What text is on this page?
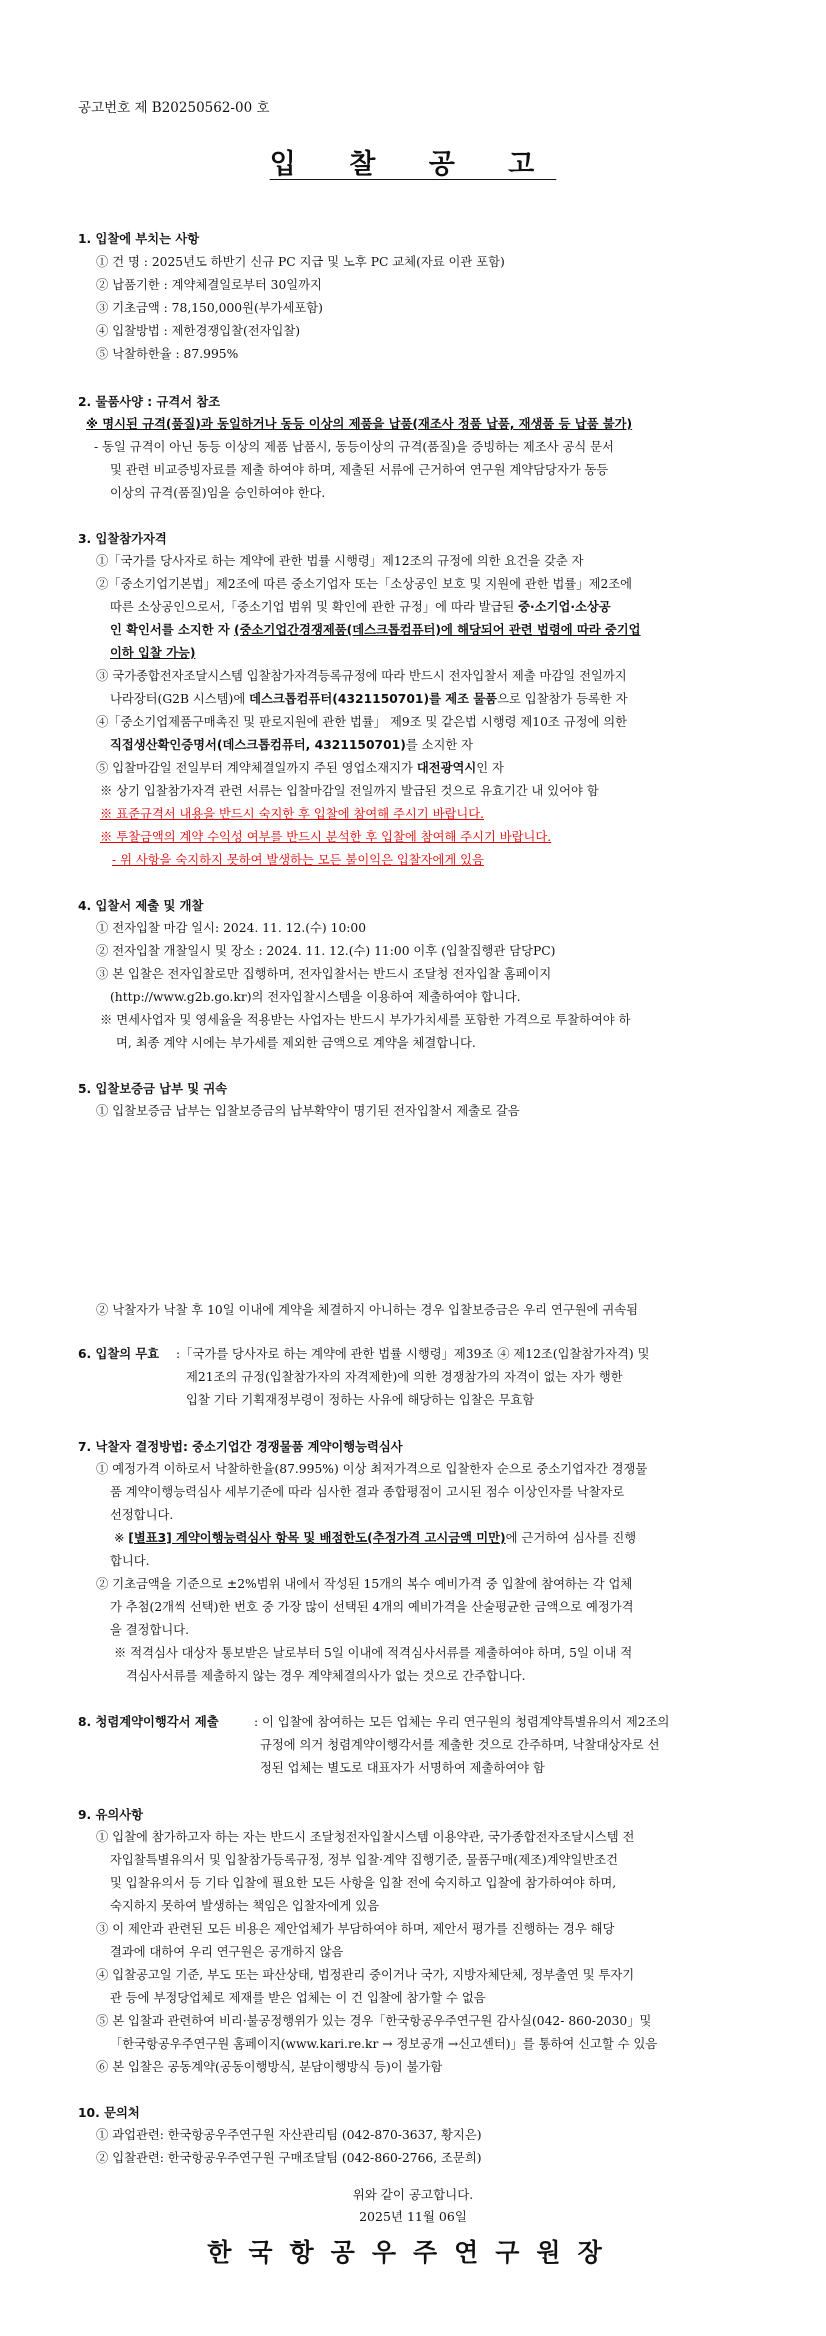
공고번호 제 B20250562-00 호
입 찰 공 고
1. 입찰에 부치는 사항
① 건 명 : 2025년도 하반기 신규 PC 지급 및 노후 PC 교체(자료 이관 포함)
② 납품기한 : 계약체결일로부터 30일까지
③ 기초금액 : 78,150,000원(부가세포함)
④ 입찰방법 : 제한경쟁입찰(전자입찰)
⑤ 낙찰하한율 : 87.995%
2. 물품사양 : 규격서 참조
※ 명시된 규격(품질)과 동일하거나 동등 이상의 제품을 납품(재조사 정품 납품, 재생품 등 납품 불가)
- 동일 규격이 아닌 동등 이상의 제품 납품시, 동등이상의 규격(품질)을 증빙하는 제조사 공식 문서
및 관련 비교증빙자료를 제출 하여야 하며, 제출된 서류에 근거하여 연구원 계약담당자가 동등
이상의 규격(품질)임을 승인하여야 한다.
3. 입찰참가자격
①「국가를 당사자로 하는 계약에 관한 법률 시행령」제12조의 규정에 의한 요건을 갖춘 자
②「중소기업기본법」제2조에 따른 중소기업자 또는「소상공인 보호 및 지원에 관한 법률」제2조에
따른 소상공인으로서,「중소기업 범위 및 확인에 관한 규정」에 따라 발급된 중·소기업·소상공
인 확인서를 소지한 자 (중소기업간경쟁제품(데스크톱컴퓨터)에 해당되어 관련 법령에 따라 중기업
이하 입찰 가능)
③ 국가종합전자조달시스템 입찰참가자격등록규정에 따라 반드시 전자입찰서 제출 마감일 전일까지
나라장터(G2B 시스템)에 데스크톱컴퓨터(4321150701)를 제조 물품으로 입찰참가 등록한 자
④「중소기업제품구매촉진 및 판로지원에 관한 법률」 제9조 및 같은법 시행령 제10조 규정에 의한
직접생산확인증명서(데스크톱컴퓨터, 4321150701)를 소지한 자
⑤ 입찰마감일 전일부터 계약체결일까지 주된 영업소재지가 대전광역시인 자
※ 상기 입찰참가자격 관련 서류는 입찰마감일 전일까지 발급된 것으로 유효기간 내 있어야 함
※ 표준규격서 내용을 반드시 숙지한 후 입찰에 참여해 주시기 바랍니다.
※ 투찰금액의 계약 수익성 여부를 반드시 분석한 후 입찰에 참여해 주시기 바랍니다.
- 위 사항을 숙지하지 못하여 발생하는 모든 불이익은 입찰자에게 있음
4. 입찰서 제출 및 개찰
① 전자입찰 마감 일시: 2024. 11. 12.(수) 10:00
② 전자입찰 개찰일시 및 장소 : 2024. 11. 12.(수) 11:00 이후 (입찰집행관 담당PC)
③ 본 입찰은 전자입찰로만 집행하며, 전자입찰서는 반드시 조달청 전자입찰 홈페이지
(http://www.g2b.go.kr)의 전자입찰시스템을 이용하여 제출하여야 합니다.
※ 면세사업자 및 영세율을 적용받는 사업자는 반드시 부가가치세를 포함한 가격으로 투찰하여야 하
며, 최종 계약 시에는 부가세를 제외한 금액으로 계약을 체결합니다.
5. 입찰보증금 납부 및 귀속
① 입찰보증금 납부는 입찰보증금의 납부확약이 명기된 전자입찰서 제출로 갈음
② 낙찰자가 낙찰 후 10일 이내에 계약을 체결하지 아니하는 경우 입찰보증금은 우리 연구원에 귀속됨
6. 입찰의 무효 :「국가를 당사자로 하는 계약에 관한 법률 시행령」제39조 ④ 제12조(입찰참가자격) 및
제21조의 규정(입찰참가자의 자격제한)에 의한 경쟁참가의 자격이 없는 자가 행한
입찰 기타 기획재정부령이 정하는 사유에 해당하는 입찰은 무효함
7. 낙찰자 결정방법: 중소기업간 경쟁물품 계약이행능력심사
① 예정가격 이하로서 낙찰하한율(87.995%) 이상 최저가격으로 입찰한자 순으로 중소기업자간 경쟁물
품 계약이행능력심사 세부기준에 따라 심사한 결과 종합평점이 고시된 점수 이상인자를 낙찰자로
선정합니다.
※ [별표3] 계약이행능력심사 항목 및 배점한도(추정가격 고시금액 미만)에 근거하여 심사를 진행
합니다.
② 기초금액을 기준으로 ±2%범위 내에서 작성된 15개의 복수 예비가격 중 입찰에 참여하는 각 업체
가 추첨(2개씩 선택)한 번호 중 가장 많이 선택된 4개의 예비가격을 산술평균한 금액으로 예정가격
을 결정합니다.
※ 적격심사 대상자 통보받은 날로부터 5일 이내에 적격심사서류를 제출하여야 하며, 5일 이내 적
격심사서류를 제출하지 않는 경우 계약체결의사가 없는 것으로 간주합니다.
8. 청렴계약이행각서 제출	: 이 입찰에 참여하는 모든 업체는 우리 연구원의 청렴계약특별유의서 제2조의
규정에 의거 청렴계약이행각서를 제출한 것으로 간주하며, 낙찰대상자로 선
정된 업체는 별도로 대표자가 서명하여 제출하여야 함
9. 유의사항
① 입찰에 참가하고자 하는 자는 반드시 조달청전자입찰시스템 이용약관, 국가종합전자조달시스템 전
자입찰특별유의서 및 입찰참가등록규정, 정부 입찰·계약 집행기준, 물품구매(제조)계약일반조건
및 입찰유의서 등 기타 입찰에 필요한 모든 사항을 입찰 전에 숙지하고 입찰에 참가하여야 하며,
숙지하지 못하여 발생하는 책임은 입찰자에게 있음
③ 이 제안과 관련된 모든 비용은 제안업체가 부담하여야 하며, 제안서 평가를 진행하는 경우 해당
결과에 대하여 우리 연구원은 공개하지 않음
④ 입찰공고일 기준, 부도 또는 파산상태, 법정관리 중이거나 국가, 지방자체단체, 정부출연 및 투자기
관 등에 부정당업체로 제재를 받은 업체는 이 건 입찰에 참가할 수 없음
⑤ 본 입찰과 관련하여 비리·불공정행위가 있는 경우「한국항공우주연구원 감사실(042- 860-2030」및
「한국항공우주연구원 홈페이지(www.kari.re.kr → 정보공개 →신고센터)」를 통하여 신고할 수 있음
⑥ 본 입찰은 공동계약(공동이행방식, 분담이행방식 등)이 불가함
10. 문의처
① 과업관련: 한국항공우주연구원 자산관리팀 (042-870-3637, 황지은)
② 입찰관련: 한국항공우주연구원 구매조달팀 (042-860-2766, 조문희)
위와 같이 공고합니다.
2025년 11월 06일
한국항공우주연구원장
